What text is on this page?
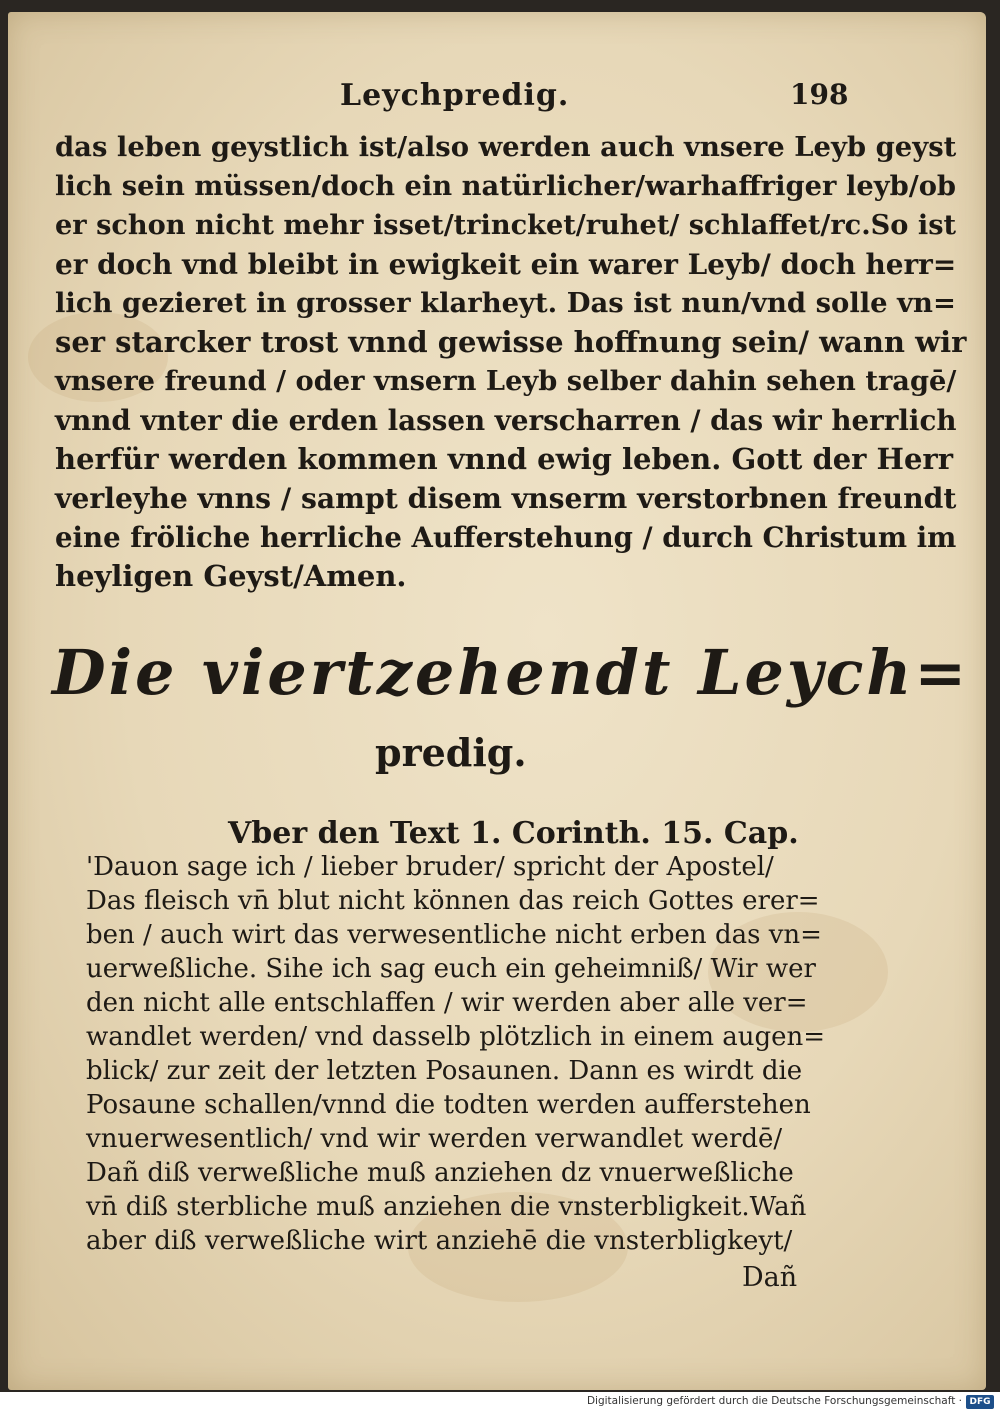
Leychpredig.	198
das leben geystlich ist/also werden auch vnsere Leyb geyst
lich sein müssen/doch ein natürlicher/warhaffriger leyb/ob
er schon nicht mehr isset/trincket/ruhet/ schlaffet/rc.So ist
er doch vnd bleibt in ewigkeit ein warer Leyb/ doch herr=
lich gezieret in grosser klarheyt. Das ist nun/vnd solle vn=
ser starcker trost vnnd gewisse hoffnung sein/ wann wir
vnsere freund / oder vnsern Leyb selber dahin sehen tragē/
vnnd vnter die erden lassen verscharren / das wir herrlich
herfür werden kommen vnnd ewig leben. Gott der Herr
verleyhe vnns / sampt disem vnserm verstorbnen freundt
eine fröliche herrliche Aufferstehung / durch Christum im
heyligen Geyst/Amen.
Die viertzehendt Leych=
predig.
Vber den Text 1. Corinth. 15. Cap.
'Dauon sage ich / lieber bruder/ spricht der Apostel/
Das fleisch vn̄ blut nicht können das reich Gottes erer=
ben / auch wirt das verwesentliche nicht erben das vn=
uerweßliche. Sihe ich sag euch ein geheimniß/ Wir wer
den nicht alle entschlaffen / wir werden aber alle ver=
wandlet werden/ vnd dasselb plötzlich in einem augen=
blick/ zur zeit der letzten Posaunen. Dann es wirdt die
Posaune schallen/vnnd die todten werden aufferstehen
vnuerwesentlich/ vnd wir werden verwandlet werdē/
Dañ diß verweßliche muß anziehen dz vnuerweßliche
vn̄ diß sterbliche muß anziehen die vnsterbligkeit.Wañ
aber diß verweßliche wirt anziehē die vnsterbligkeyt/
Dañ
Digitalisierung gefördert durch die Deutsche Forschungsgemeinschaft · DFG
